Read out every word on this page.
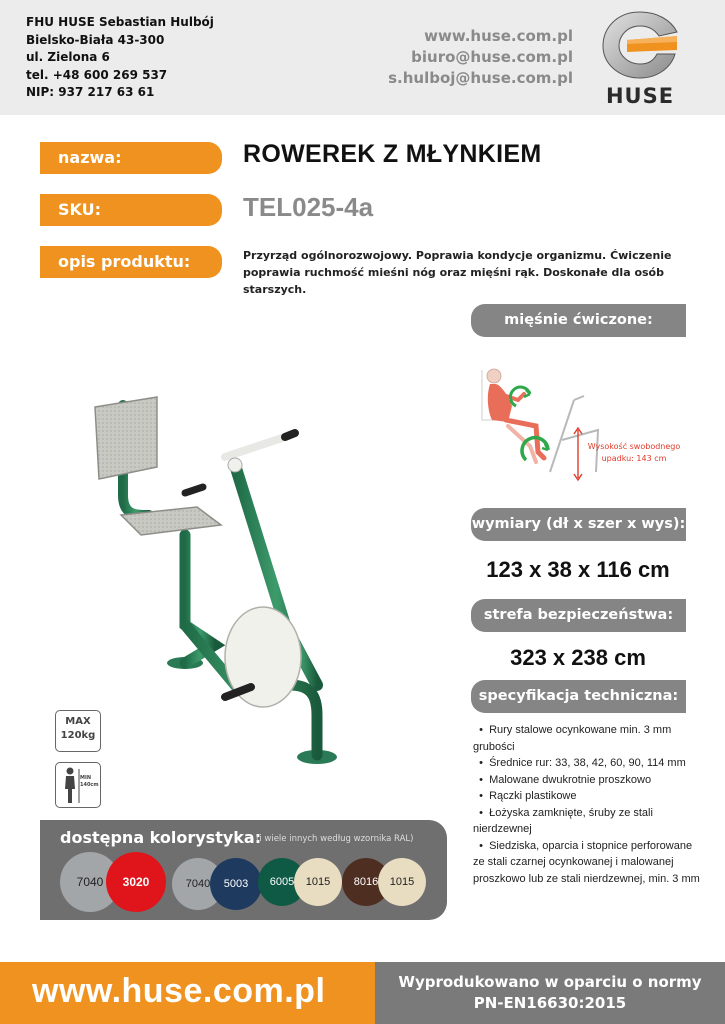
FHU HUSE Sebastian Hulbój
Bielsko-Biała 43-300
ul. Zielona 6
tel. +48 600 269 537
NIP: 937 217 63 61
www.huse.com.pl
biuro@huse.com.pl
s.hulboj@huse.com.pl
HUSE
nazwa:	ROWEREK Z MŁYNKIEM
SKU:	TEL025-4a
opis produktu:	Przyrząd ogólnorozwojowy. Poprawia kondycje organizmu. Ćwiczenie poprawia ruchmość mieśni nóg oraz mięśni rąk. Doskonałe dla osób starszych.
mięśnie ćwiczone:
Wysokość swobodnego upadku: 143 cm
wymiary (dł x szer x wys):
123 x 38 x 116 cm
strefa bezpieczeństwa:
323 x 238 cm
specyfikacja techniczna:
•  Rury stalowe ocynkowane min. 3 mm grubości
•  Średnice rur: 33, 38, 42, 60, 90, 114 mm
•  Malowane dwukrotnie proszkowo
•  Rączki plastikowe
•  Łożyska zamknięte, śruby ze stali nierdzewnej
•  Siedziska, oparcia i stopnice perforowane ze stali czarnej ocynkowanej i malowanej proszkowo lub ze stali nierdzewnej, min. 3 mm
MAX
120kg
MIN
140cm
dostępna kolorystyka:
(i wiele innych według wzornika RAL)
7040	3020	7040	5003	6005	1015	8016	1015
www.huse.com.pl	Wyprodukowano w oparciu o normy
PN-EN16630:2015
